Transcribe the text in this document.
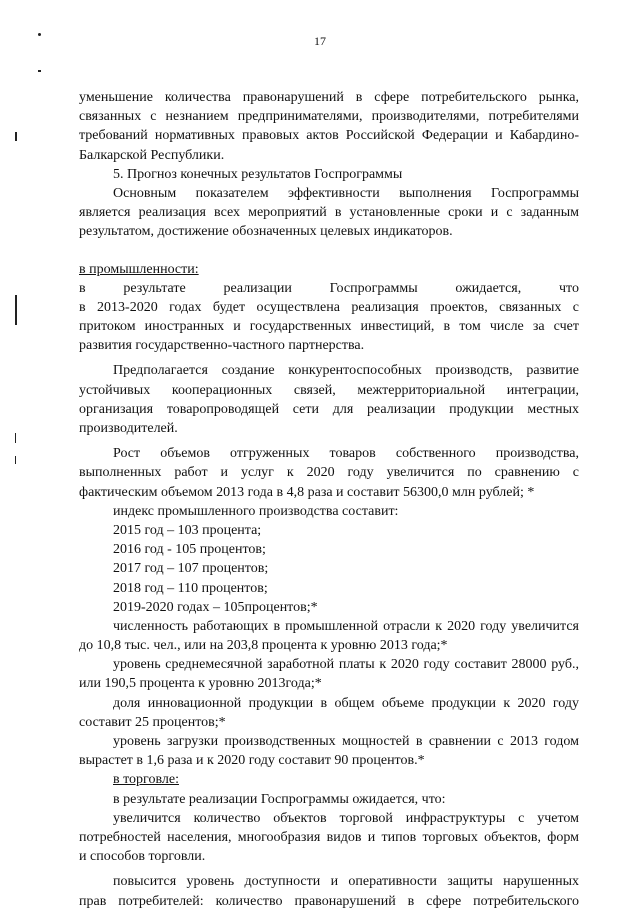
17
уменьшение количества правонарушений в сфере потребительского рынка,
связанных с незнанием предпринимателями, производителями, потребителями
требований нормативных правовых актов Российской Федерации и Кабардино-
Балкарской Республики.
5. Прогноз конечных результатов Госпрограммы
Основным показателем эффективности выполнения Госпрограммы
является реализация всех мероприятий в установленные сроки и с заданным
результатом, достижение обозначенных целевых индикаторов.
в промышленности:
в результате реализации Госпрограммы ожидается, что
в 2013-2020 годах будет осуществлена реализация проектов, связанных с
притоком иностранных и государственных инвестиций, в том числе за счет
развития государственно-частного партнерства.
Предполагается создание конкурентоспособных производств, развитие
устойчивых кооперационных связей, межтерриториальной интеграции,
организация товаропроводящей сети для реализации продукции местных
производителей.
Рост объемов отгруженных товаров собственного производства,
выполненных работ и услуг к 2020 году увеличится по сравнению с
фактическим объемом 2013 года в 4,8 раза и составит 56300,0 млн рублей; *
индекс промышленного производства составит:
2015 год – 103 процента;
2016 год - 105 процентов;
2017 год – 107 процентов;
2018 год – 110 процентов;
2019-2020 годах – 105процентов;*
численность работающих в промышленной отрасли к 2020 году увеличится
до 10,8 тыс. чел., или на 203,8 процента к уровню 2013 года;*
уровень среднемесячной заработной платы к 2020 году составит 28000 руб.,
или 190,5 процента к уровню 2013года;*
доля инновационной продукции в общем объеме продукции к 2020 году
составит 25 процентов;*
уровень загрузки производственных мощностей в сравнении с 2013 годом
вырастет в 1,6 раза и к 2020 году составит 90 процентов.*
в торговле:
в результате реализации Госпрограммы ожидается, что:
увеличится количество объектов торговой инфраструктуры с учетом
потребностей населения, многообразия видов и типов торговых объектов, форм
и способов торговли.
повысится уровень доступности и оперативности защиты нарушенных
прав потребителей: количество правонарушений в сфере потребительского
